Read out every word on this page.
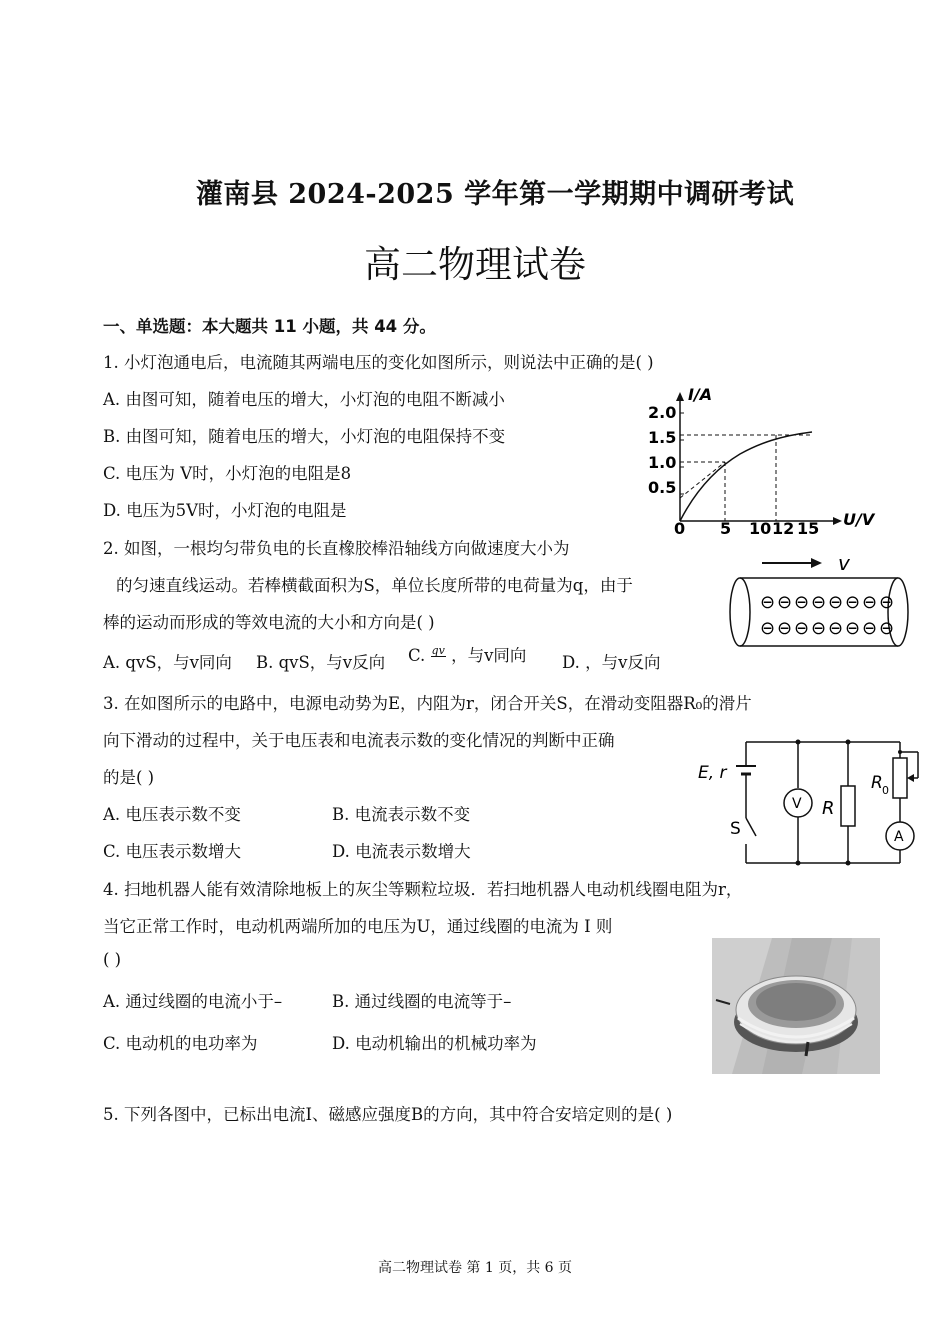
灌南县 2024-2025 学年第一学期期中调研考试
高二物理试卷
一、单选题：本大题共 11 小题，共 44 分。
1. 小灯泡通电后，电流随其两端电压的变化如图所示，则说法中正确的是( )
A. 由图可知，随着电压的增大，小灯泡的电阻不断减小
B. 由图可知，随着电压的增大，小灯泡的电阻保持不变
C. 电压为 V时，小灯泡的电阻是8
D. 电压为5V时，小灯泡的电阻是
I/A
2.0
1.5
1.0
0.5
0 5 10 12 15 U/V
2. 如图，一根均匀带负电的长直橡胶棒沿轴线方向做速度大小为
的匀速直线运动。若棒横截面积为S，单位长度所带的电荷量为q，由于
棒的运动而形成的等效电流的大小和方向是( )
A. qvS，与v同向 B. qvS，与v反向 C. qv
，与v同向 D. ，与v反向
v
⊖ ⊖ ⊖ ⊖ ⊖ ⊖ ⊖ ⊖
⊖ ⊖ ⊖ ⊖ ⊖ ⊖ ⊖ ⊖
3. 在如图所示的电路中，电源电动势为E，内阻为r，闭合开关S，在滑动变阻器R₀的滑片
向下滑动的过程中，关于电压表和电流表示数的变化情况的判断中正确
的是( )
A. 电压表示数不变	B. 电流表示数不变
C. 电压表示数增大	D. 电流表示数增大
E, r
S
V R
R 0
A
4. 扫地机器人能有效清除地板上的灰尘等颗粒垃圾．若扫地机器人电动机线圈电阻为r，
当它正常工作时，电动机两端所加的电压为U，通过线圈的电流为 I 则
( )
A. 通过线圈的电流小于–	B. 通过线圈的电流等于–
C. 电动机的电功率为	D. 电动机输出的机械功率为
5. 下列各图中，已标出电流I、磁感应强度B的方向，其中符合安培定则的是( )
高二物理试卷 第 1 页，共 6 页
